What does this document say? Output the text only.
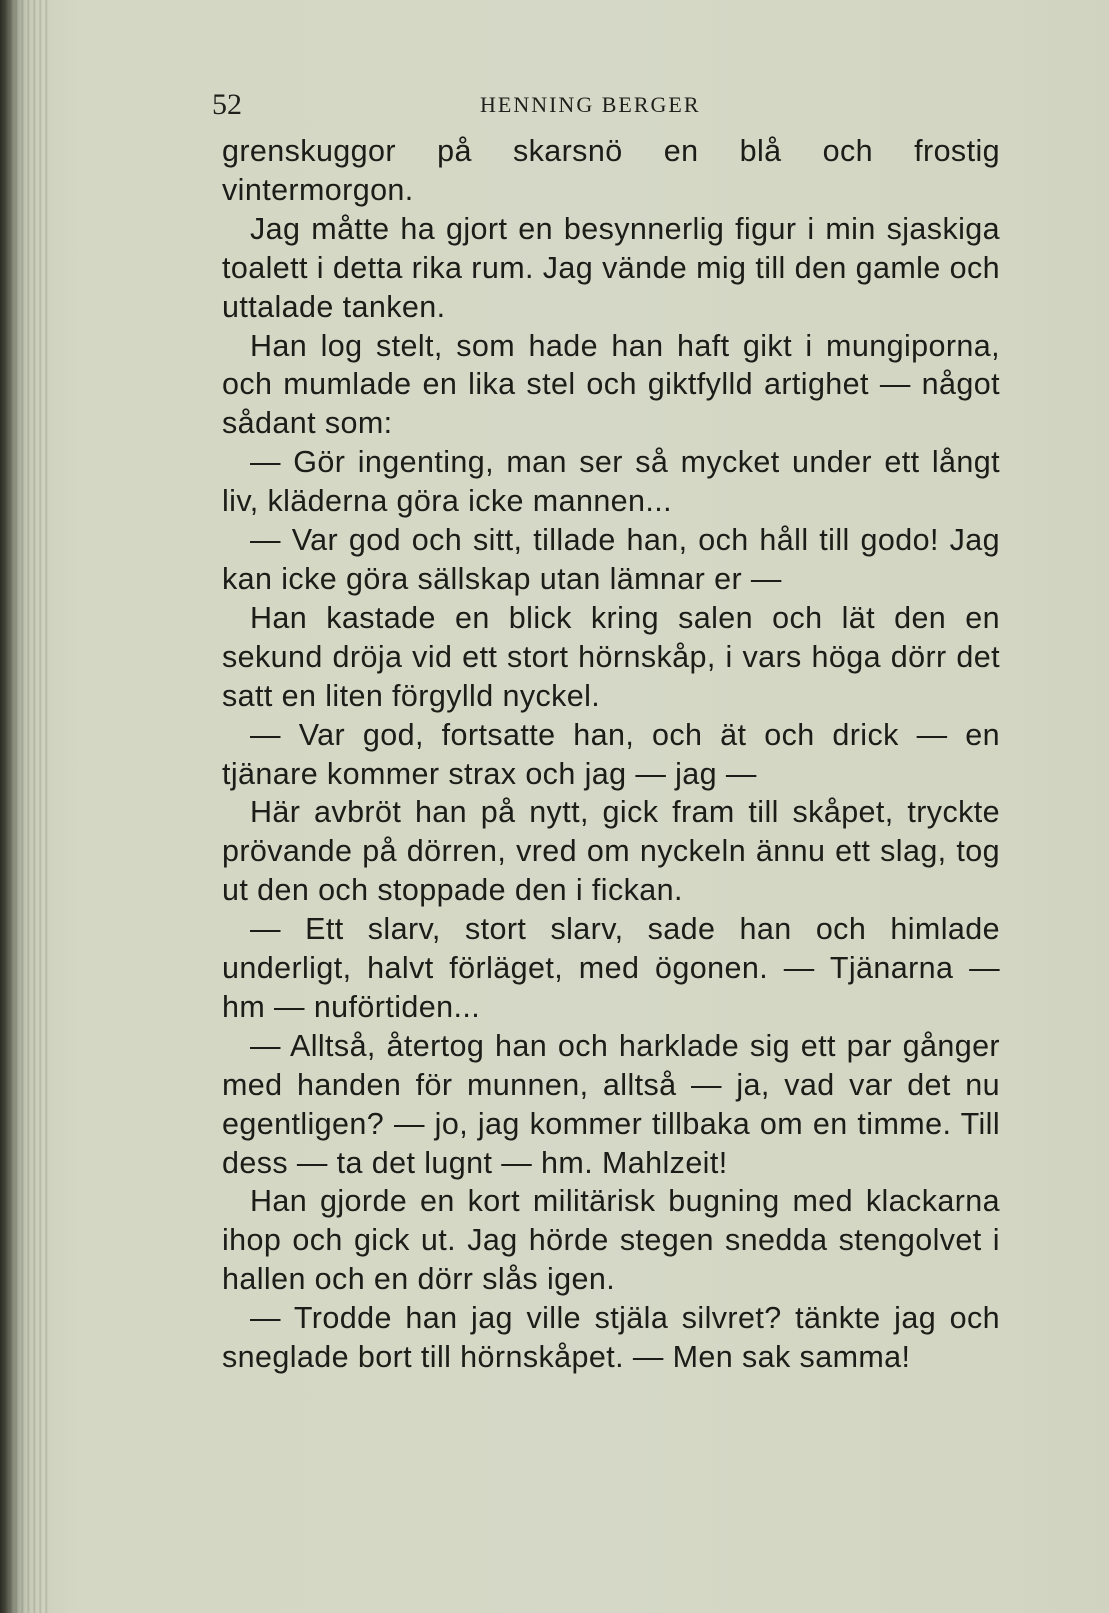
52	HENNING BERGER

grenskuggor på skarsnö en blå och frostig vintermorgon.

Jag måtte ha gjort en besynnerlig figur i min sjaskiga toalett i detta rika rum. Jag vände mig till den gamle och uttalade tanken.

Han log stelt, som hade han haft gikt i mungiporna, och mumlade en lika stel och giktfylld artighet — något sådant som:

— Gör ingenting, man ser så mycket under ett långt liv, kläderna göra icke mannen...

— Var god och sitt, tillade han, och håll till godo! Jag kan icke göra sällskap utan lämnar er —

Han kastade en blick kring salen och lät den en sekund dröja vid ett stort hörnskåp, i vars höga dörr det satt en liten förgylld nyckel.

— Var god, fortsatte han, och ät och drick — en tjänare kommer strax och jag — jag —

Här avbröt han på nytt, gick fram till skåpet, tryckte prövande på dörren, vred om nyckeln ännu ett slag, tog ut den och stoppade den i fickan.

— Ett slarv, stort slarv, sade han och himlade underligt, halvt förläget, med ögonen. — Tjänarna — hm — nuförtiden...

— Alltså, återtog han och harklade sig ett par gånger med handen för munnen, alltså — ja, vad var det nu egentligen? — jo, jag kommer tillbaka om en timme. Till dess — ta det lugnt — hm. Mahlzeit!

Han gjorde en kort militärisk bugning med klackarna ihop och gick ut. Jag hörde stegen snedda stengolvet i hallen och en dörr slås igen.

— Trodde han jag ville stjäla silvret? tänkte jag och sneglade bort till hörnskåpet. — Men sak samma!
